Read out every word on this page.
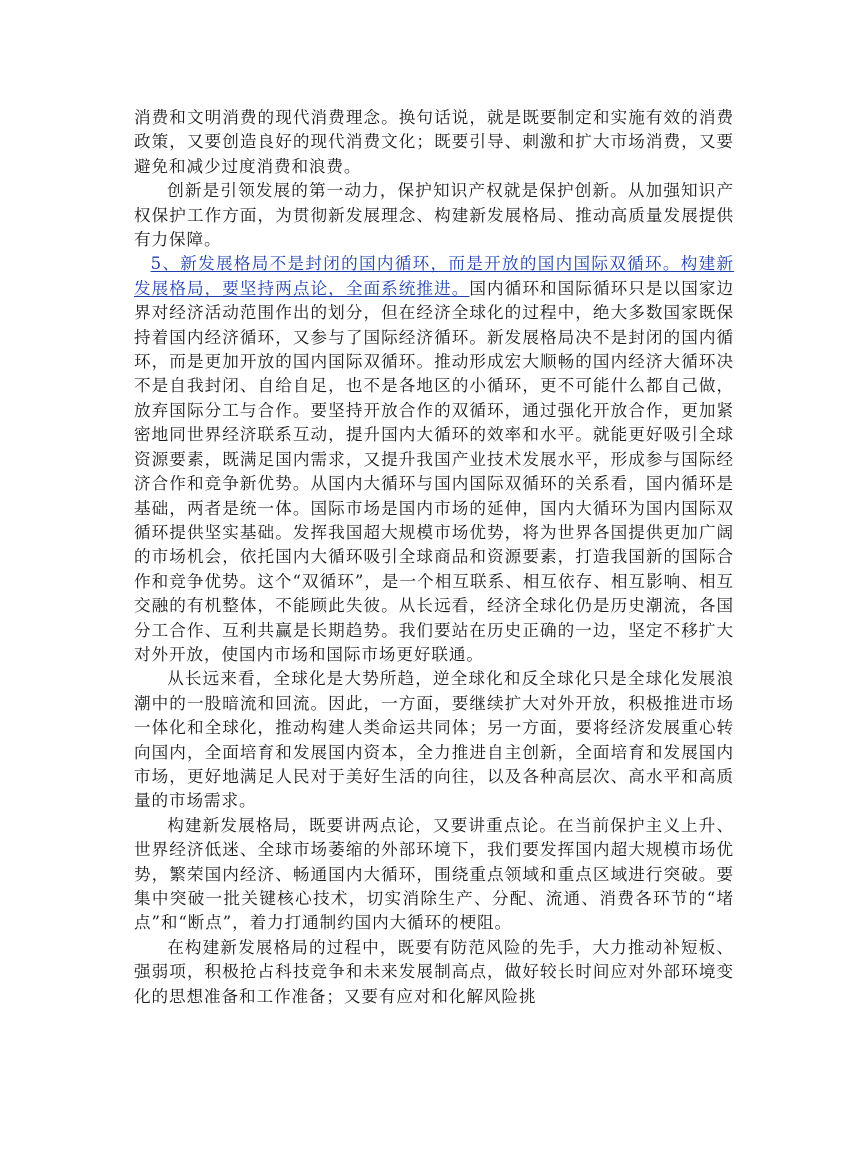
消费和文明消费的现代消费理念。换句话说，就是既要制定和实施有效的消费政策，又要创造良好的现代消费文化；既要引导、刺激和扩大市场消费，又要避免和减少过度消费和浪费。

创新是引领发展的第一动力，保护知识产权就是保护创新。从加强知识产权保护工作方面，为贯彻新发展理念、构建新发展格局、推动高质量发展提供有力保障。

5、新发展格局不是封闭的国内循环，而是开放的国内国际双循环。构建新发展格局，要坚持两点论，全面系统推进。国内循环和国际循环只是以国家边界对经济活动范围作出的划分，但在经济全球化的过程中，绝大多数国家既保持着国内经济循环，又参与了国际经济循环。新发展格局决不是封闭的国内循环，而是更加开放的国内国际双循环。推动形成宏大顺畅的国内经济大循环决不是自我封闭、自给自足，也不是各地区的小循环，更不可能什么都自己做，放弃国际分工与合作。要坚持开放合作的双循环，通过强化开放合作，更加紧密地同世界经济联系互动，提升国内大循环的效率和水平。就能更好吸引全球资源要素，既满足国内需求，又提升我国产业技术发展水平，形成参与国际经济合作和竞争新优势。从国内大循环与国内国际双循环的关系看，国内循环是基础，两者是统一体。国际市场是国内市场的延伸，国内大循环为国内国际双循环提供坚实基础。发挥我国超大规模市场优势，将为世界各国提供更加广阔的市场机会，依托国内大循环吸引全球商品和资源要素，打造我国新的国际合作和竞争优势。这个“双循环”，是一个相互联系、相互依存、相互影响、相互交融的有机整体，不能顾此失彼。从长远看，经济全球化仍是历史潮流，各国分工合作、互利共赢是长期趋势。我们要站在历史正确的一边，坚定不移扩大对外开放，使国内市场和国际市场更好联通。

从长远来看，全球化是大势所趋，逆全球化和反全球化只是全球化发展浪潮中的一股暗流和回流。因此，一方面，要继续扩大对外开放，积极推进市场一体化和全球化，推动构建人类命运共同体；另一方面，要将经济发展重心转向国内，全面培育和发展国内资本，全力推进自主创新，全面培育和发展国内市场，更好地满足人民对于美好生活的向往，以及各种高层次、高水平和高质量的市场需求。

构建新发展格局，既要讲两点论，又要讲重点论。在当前保护主义上升、世界经济低迷、全球市场萎缩的外部环境下，我们要发挥国内超大规模市场优势，繁荣国内经济、畅通国内大循环，围绕重点领域和重点区域进行突破。要集中突破一批关键核心技术，切实消除生产、分配、流通、消费各环节的“堵点”和“断点”，着力打通制约国内大循环的梗阻。

在构建新发展格局的过程中，既要有防范风险的先手，大力推动补短板、强弱项，积极抢占科技竞争和未来发展制高点，做好较长时间应对外部环境变化的思想准备和工作准备；又要有应对和化解风险挑
